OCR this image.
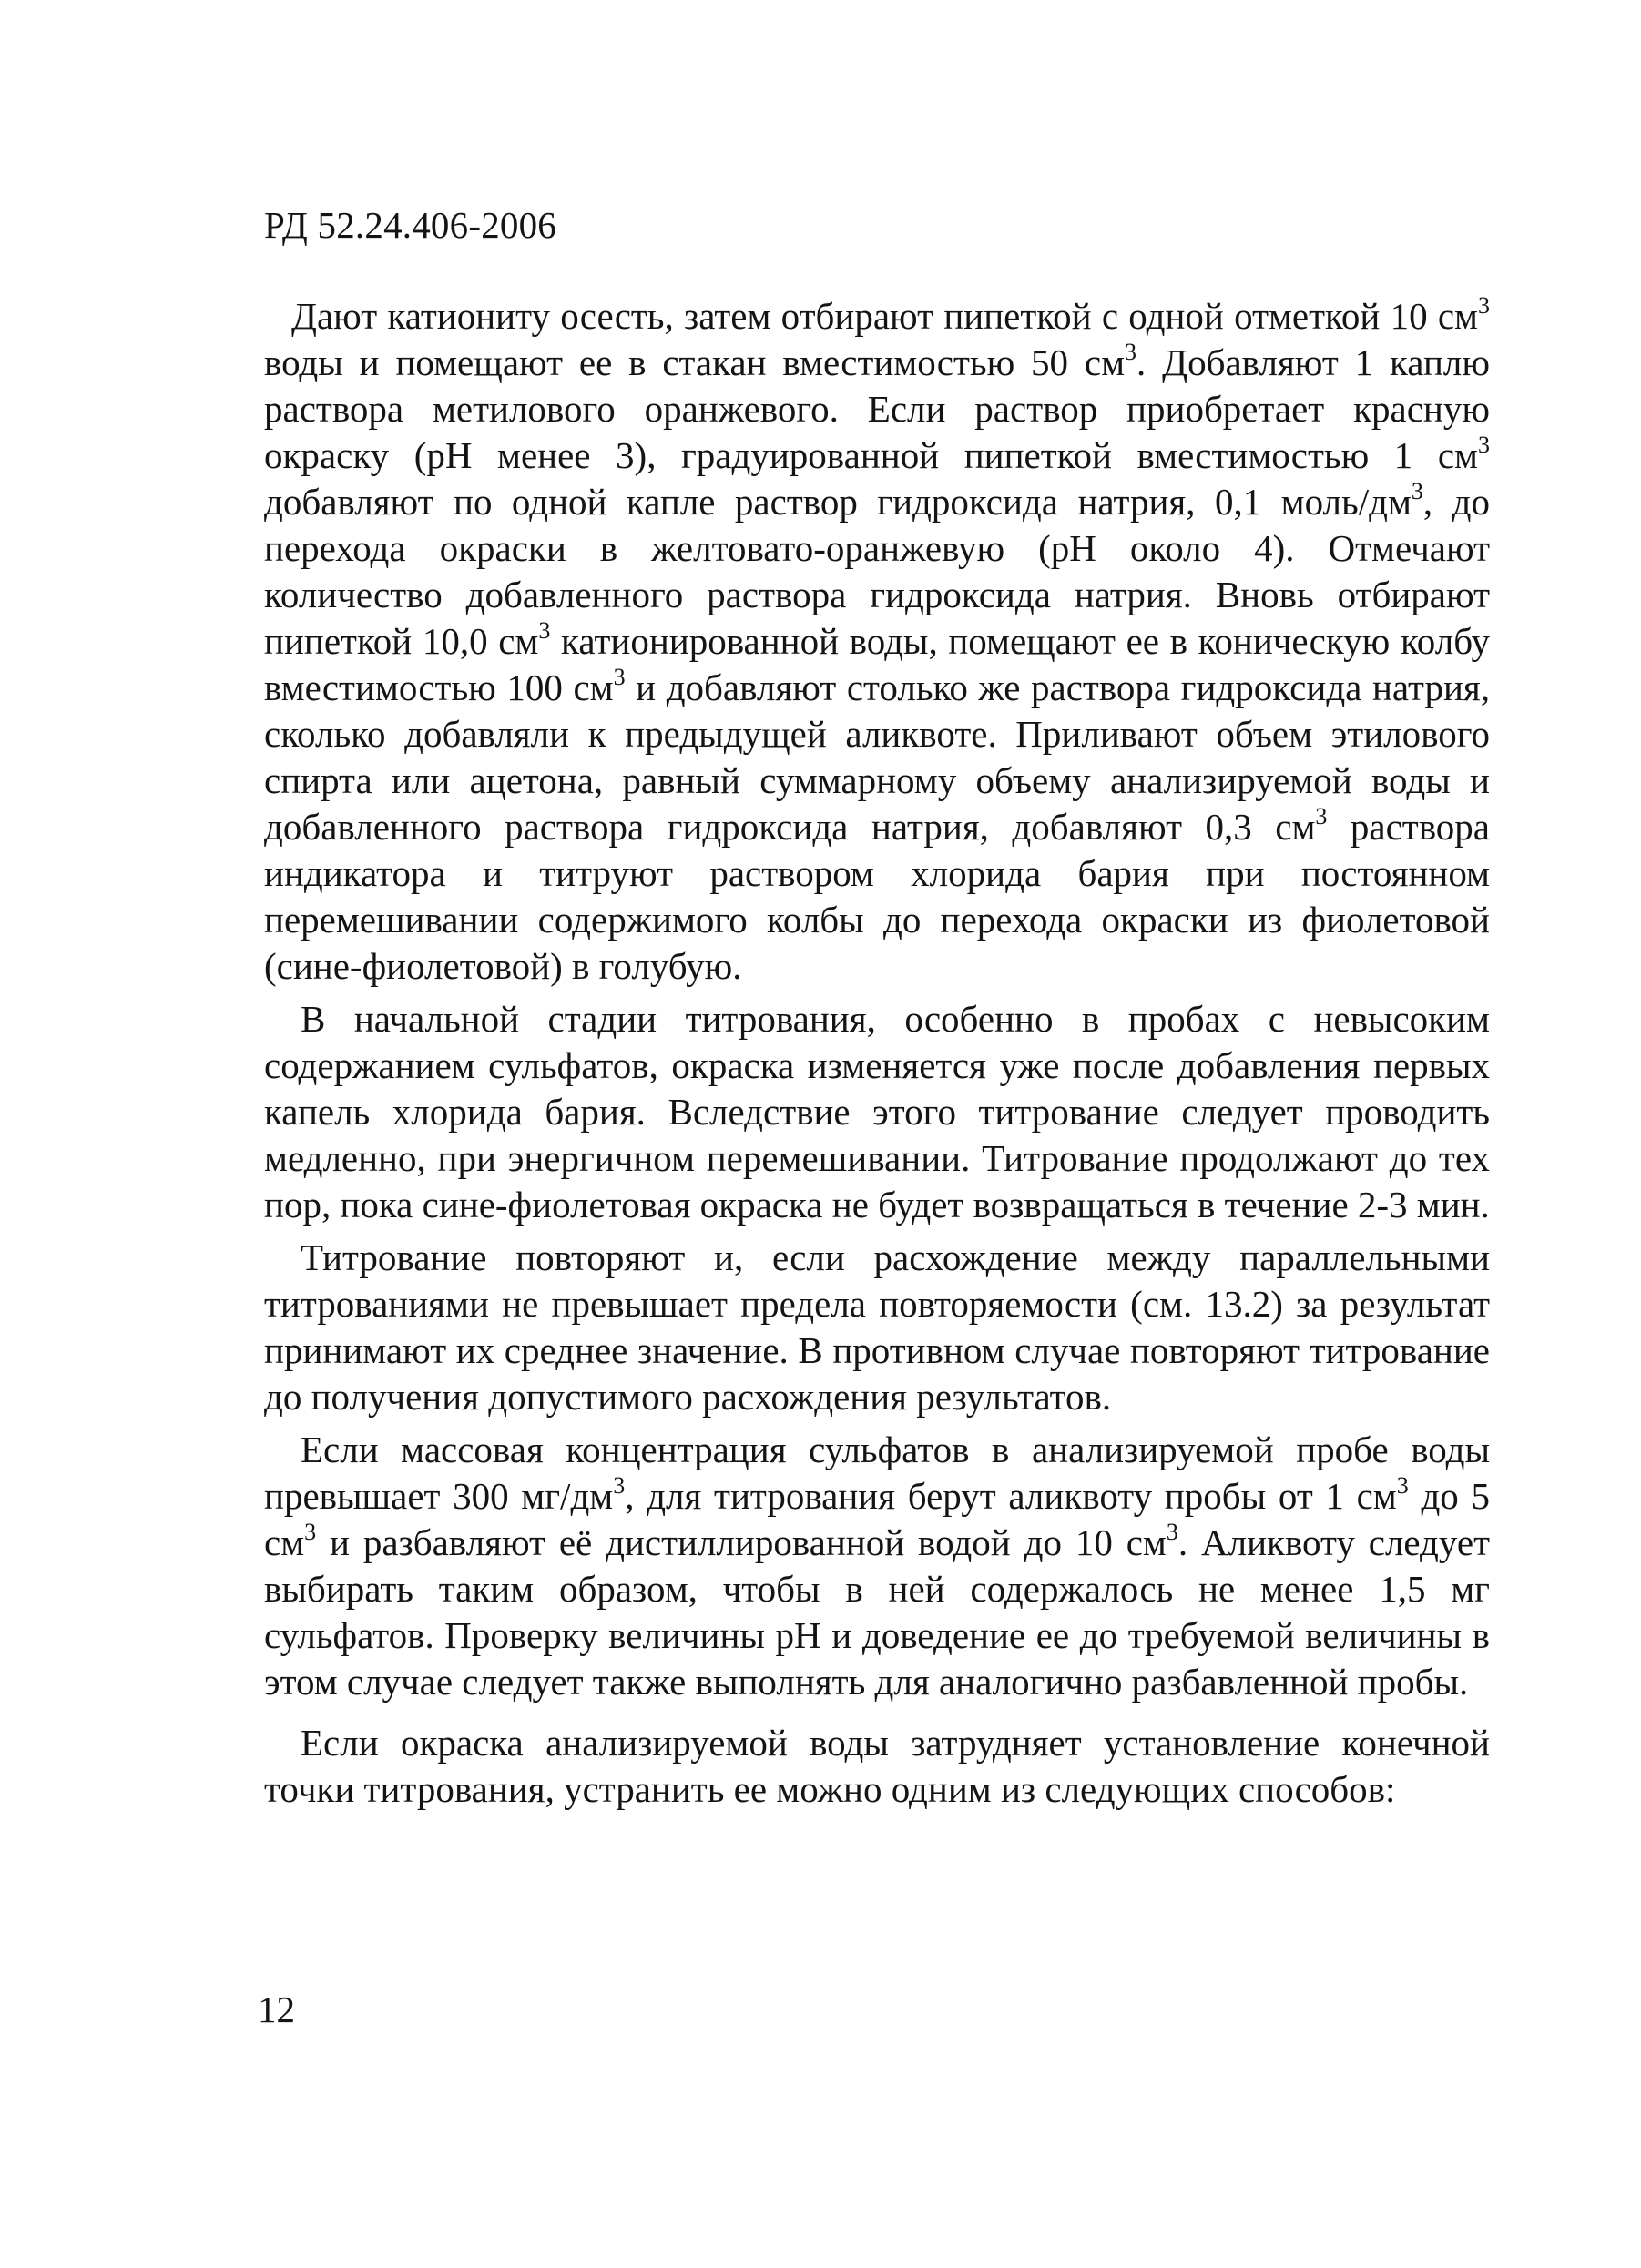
РД 52.24.406-2006

Дают катиониту осесть, затем отбирают пипеткой с одной отметкой 10 $см^3$ воды и помещают ее в стакан вместимостью 50 $см^3$. Добавляют 1 каплю раствора метилового оранжевого. Если раствор приобретает красную окраску (рН менее 3), градуированной пипеткой вместимостью 1 $см^3$ добавляют по одной капле раствор гидроксида натрия, 0,1 моль/$дм^3$, до перехода окраски в желтовато-оранжевую (рН около 4). Отмечают количество добавленного раствора гидроксида натрия. Вновь отбирают пипеткой 10,0 $см^3$ катионированной воды, помещают ее в коническую колбу вместимостью 100 $см^3$ и добавляют столько же раствора гидроксида натрия, сколько добавляли к предыдущей аликвоте. Приливают объем этилового спирта или ацетона, равный суммарному объему анализируемой воды и добавленного раствора гидроксида натрия, добавляют 0,3 $см^3$ раствора индикатора и титруют раствором хлорида бария при постоянном перемешивании содержимого колбы до перехода окраски из фиолетовой (сине-фиолетовой) в голубую.

В начальной стадии титрования, особенно в пробах с невысоким содержанием сульфатов, окраска изменяется уже после добавления первых капель хлорида бария. Вследствие этого титрование следует проводить медленно, при энергичном перемешивании. Титрование продолжают до тех пор, пока сине-фиолетовая окраска не будет возвращаться в течение 2-3 мин.

Титрование повторяют и, если расхождение между параллельными титрованиями не превышает предела повторяемости (см. 13.2) за результат принимают их среднее значение. В противном случае повторяют титрование до получения допустимого расхождения результатов.

Если массовая концентрация сульфатов в анализируемой пробе воды превышает 300 $мг/дм^3$, для титрования берут аликвоту пробы от 1 $см^3$ до 5 $см^3$ и разбавляют её дистиллированной водой до 10 $см^3$. Аликвоту следует выбирать таким образом, чтобы в ней содержалось не менее 1,5 мг сульфатов. Проверку величины рН и доведение ее до требуемой величины в этом случае следует также выполнять для аналогично разбавленной пробы.

Если окраска анализируемой воды затрудняет установление конечной точки титрования, устранить ее можно одним из следующих способов:

12
